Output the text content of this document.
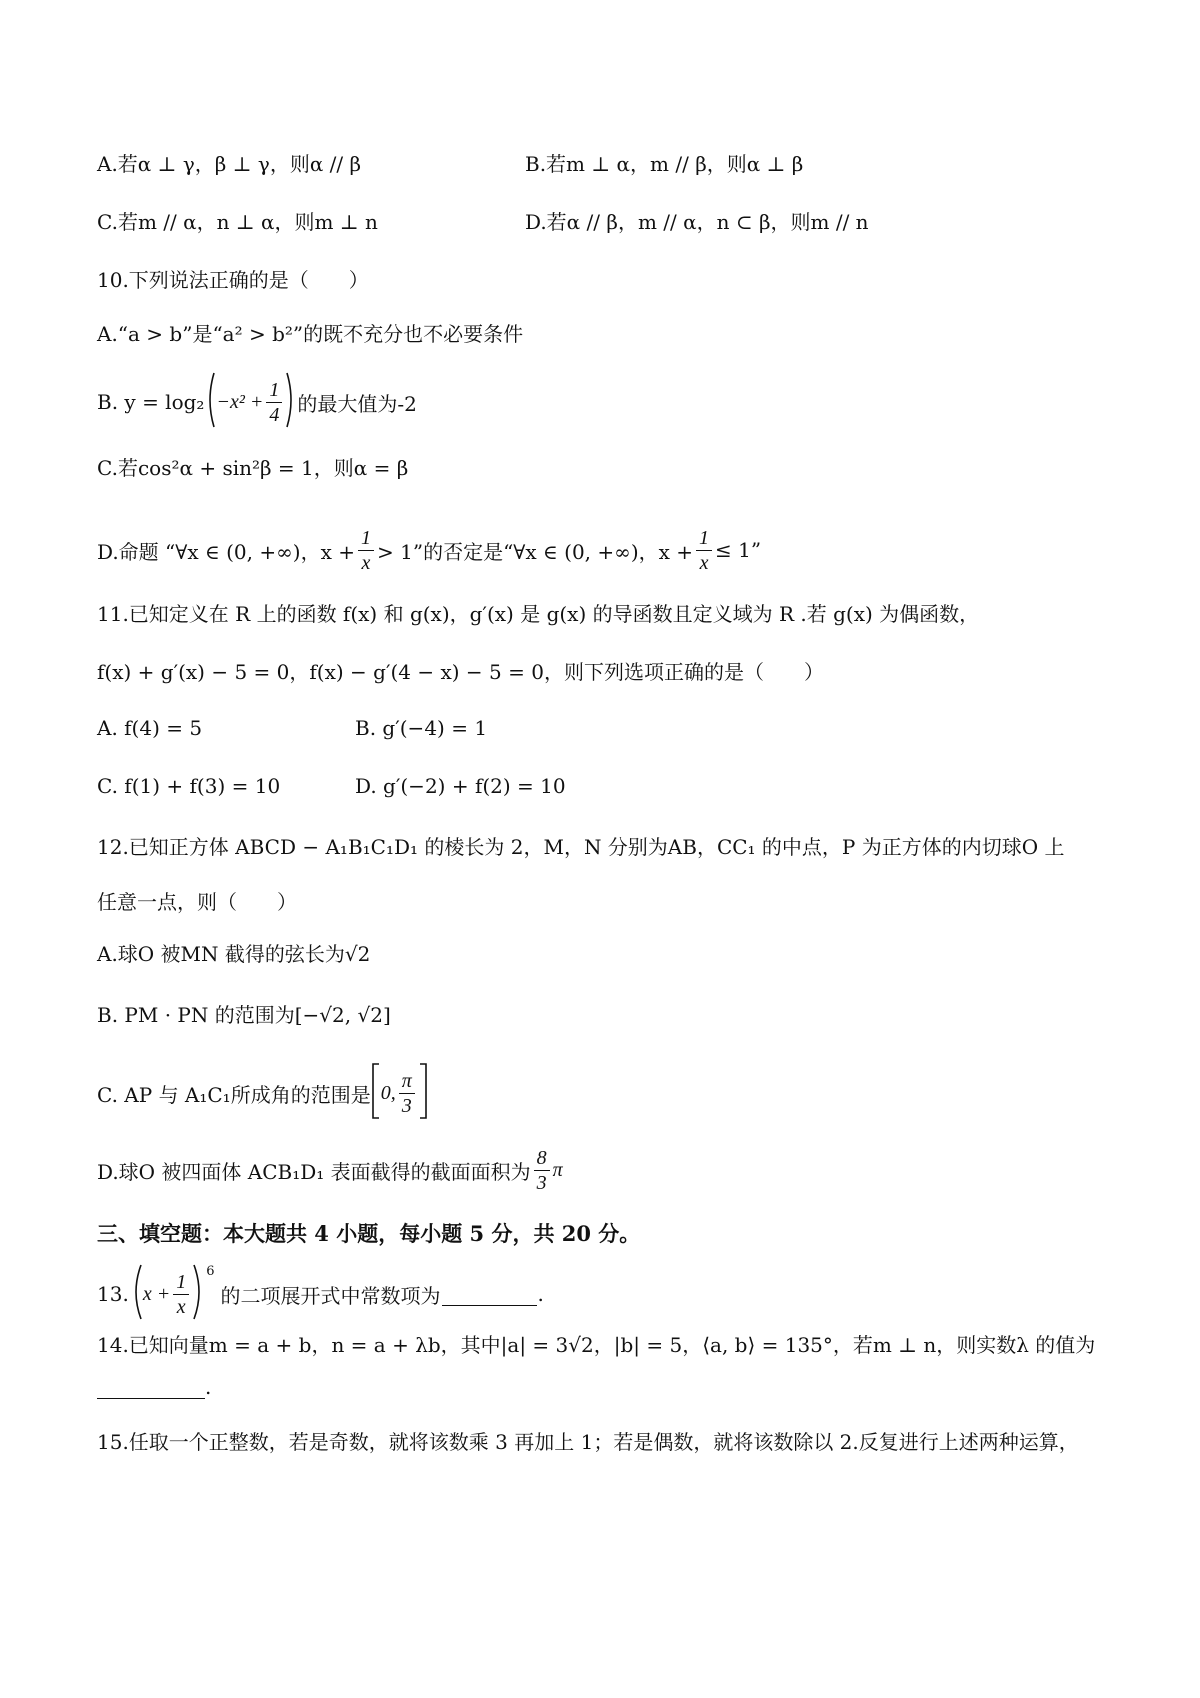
A.若α ⊥ γ，β ⊥ γ，则α // β	B.若m ⊥ α，m // β，则α ⊥ β
C.若m // α，n ⊥ α，则m ⊥ n	D.若α // β，m // α，n ⊂ β，则m // n
10.下列说法正确的是（　　）
A.“a > b”是“a² > b²”的既不充分也不必要条件
B. $y = \log_2 -x^2 + \frac{1}{4}$ 的最大值为-2
C.若cos²α + sin²β = 1，则α = β
D.命题 “∀x ∈ (0, +∞)，$x + \frac{1}{x} > 1$”的否定是“∀x ∈ (0, +∞)，$x + \frac{1}{x} \le 1$”
11.已知定义在 R 上的函数 f(x) 和 g(x)，g′(x) 是 g(x) 的导函数且定义域为 R .若 g(x) 为偶函数，
f(x) + g′(x) − 5 = 0，f(x) − g′(4 − x) − 5 = 0，则下列选项正确的是（　　）
A. f(4) = 5	B. g′(−4) = 1
C. f(1) + f(3) = 10	D. g′(−2) + f(2) = 10
12.已知正方体 ABCD − A₁B₁C₁D₁ 的棱长为 2，M，N 分别为AB，CC₁ 的中点，P 为正方体的内切球O 上
任意一点，则（　　）
A.球O 被MN 截得的弦长为√2
B. PM · PN 的范围为[−√2, √2]
C. AP 与 A₁C₁所成角的范围是 0, $\frac{\pi}{3}$
D.球O 被四面体 ACB₁D₁ 表面截得的截面面积为 $\frac{8}{3}$ π
三、填空题：本大题共 4 小题，每小题 5 分，共 20 分。
13. $x + \frac{1}{x} 6$
的二项展开式中常数项为	.
14.已知向量m = a + b，n = a + λb，其中|a| = 3√2，|b| = 5，⟨a, b⟩ = 135°，若m ⊥ n，则实数λ 的值为
.
15.任取一个正整数，若是奇数，就将该数乘 3 再加上 1；若是偶数，就将该数除以 2.反复进行上述两种运算，
